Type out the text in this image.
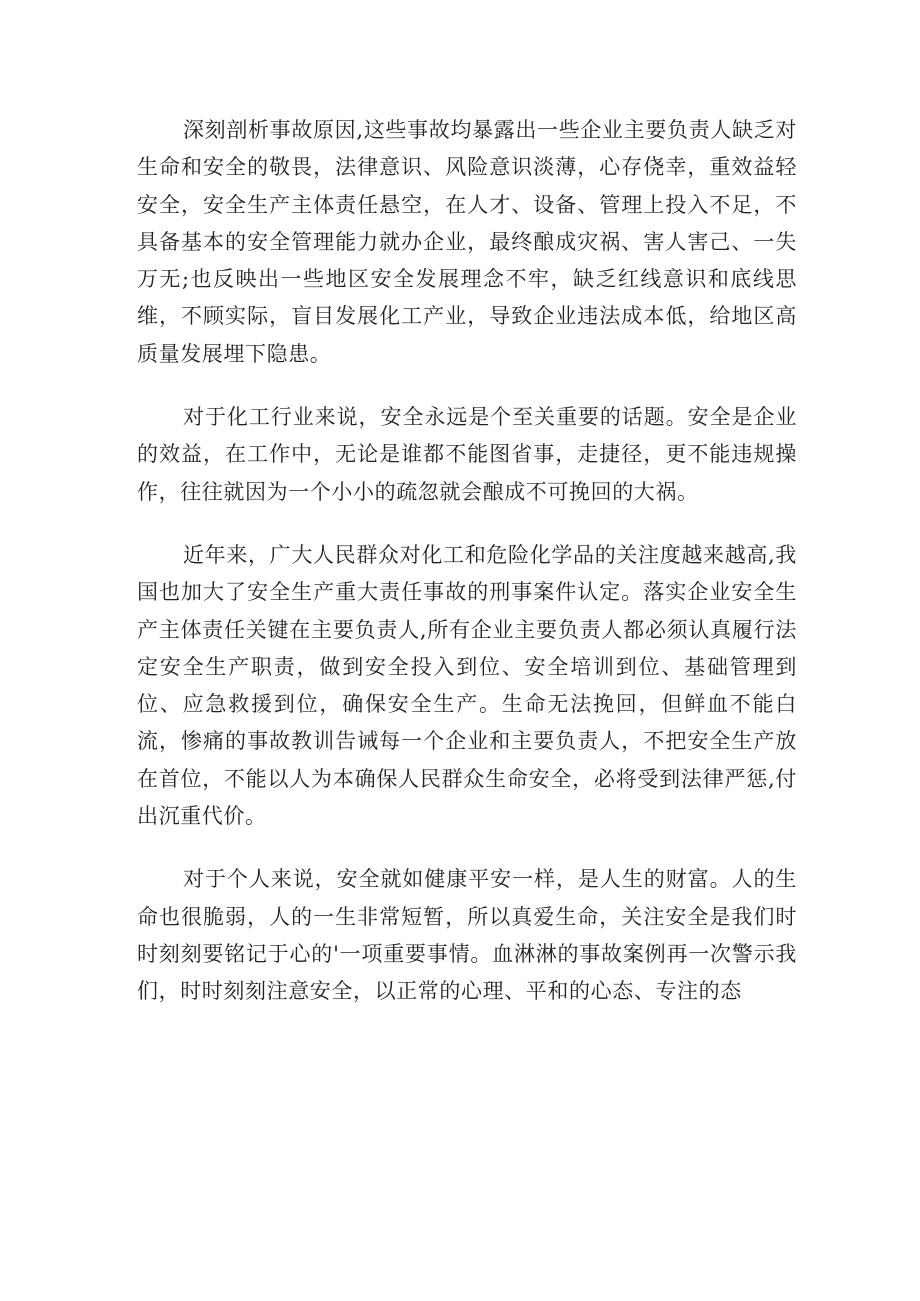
深刻剖析事故原因,这些事故均暴露出一些企业主要负责人缺乏对生命和安全的敬畏，法律意识、风险意识淡薄，心存侥幸，重效益轻安全，安全生产主体责任悬空，在人才、设备、管理上投入不足，不具备基本的安全管理能力就办企业，最终酿成灾祸、害人害己、一失万无;也反映出一些地区安全发展理念不牢，缺乏红线意识和底线思维，不顾实际，盲目发展化工产业，导致企业违法成本低，给地区高质量发展埋下隐患。

对于化工行业来说，安全永远是个至关重要的话题。安全是企业的效益，在工作中，无论是谁都不能图省事，走捷径，更不能违规操作，往往就因为一个小小的疏忽就会酿成不可挽回的大祸。

近年来，广大人民群众对化工和危险化学品的关注度越来越高,我国也加大了安全生产重大责任事故的刑事案件认定。落实企业安全生产主体责任关键在主要负责人,所有企业主要负责人都必须认真履行法定安全生产职责，做到安全投入到位、安全培训到位、基础管理到位、应急救援到位，确保安全生产。生命无法挽回，但鲜血不能白流，惨痛的事故教训告诫每一个企业和主要负责人，不把安全生产放在首位，不能以人为本确保人民群众生命安全，必将受到法律严惩,付出沉重代价。

对于个人来说，安全就如健康平安一样，是人生的财富。人的生命也很脆弱，人的一生非常短暂，所以真爱生命，关注安全是我们时时刻刻要铭记于心的'一项重要事情。血淋淋的事故案例再一次警示我们，时时刻刻注意安全，以正常的心理、平和的心态、专注的态
